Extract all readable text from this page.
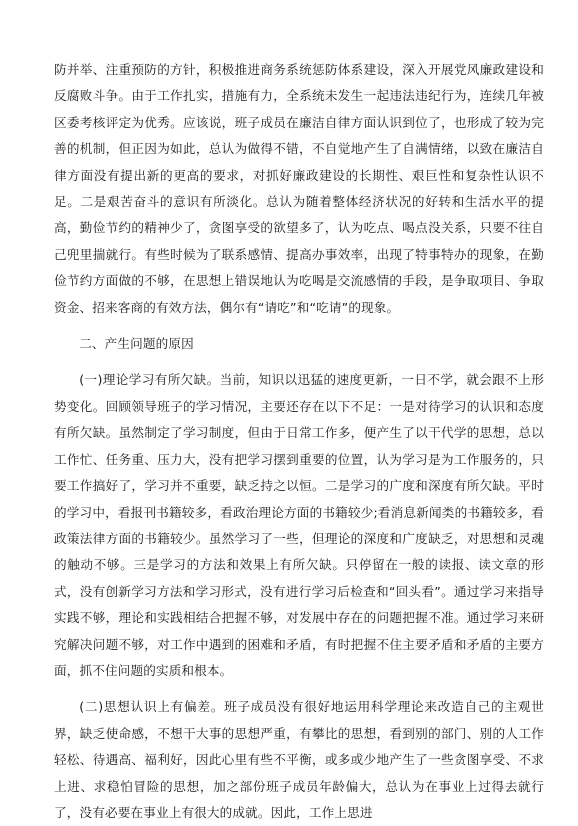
防并举、注重预防的方针，积极推进商务系统惩防体系建设，深入开展党风廉政建设和反腐败斗争。由于工作扎实，措施有力，全系统未发生一起违法违纪行为，连续几年被区委考核评定为优秀。应该说，班子成员在廉洁自律方面认识到位了，也形成了较为完善的机制，但正因为如此，总认为做得不错，不自觉地产生了自满情绪，以致在廉洁自律方面没有提出新的更高的要求，对抓好廉政建设的长期性、艰巨性和复杂性认识不足。二是艰苦奋斗的意识有所淡化。总认为随着整体经济状况的好转和生活水平的提高，勤俭节约的精神少了，贪图享受的欲望多了，认为吃点、喝点没关系，只要不往自己兜里揣就行。有些时候为了联系感情、提高办事效率，出现了特事特办的现象，在勤俭节约方面做的不够，在思想上错误地认为吃喝是交流感情的手段，是争取项目、争取资金、招来客商的有效方法，偶尔有“请吃”和“吃请”的现象。

二、产生问题的原因

(一)理论学习有所欠缺。当前，知识以迅猛的速度更新，一日不学，就会跟不上形势变化。回顾领导班子的学习情况，主要还存在以下不足：一是对待学习的认识和态度有所欠缺。虽然制定了学习制度，但由于日常工作多，便产生了以干代学的思想，总以工作忙、任务重、压力大，没有把学习摆到重要的位置，认为学习是为工作服务的，只要工作搞好了，学习并不重要，缺乏持之以恒。二是学习的广度和深度有所欠缺。平时的学习中，看报刊书籍较多，看政治理论方面的书籍较少;看消息新闻类的书籍较多，看政策法律方面的书籍较少。虽然学习了一些，但理论的深度和广度缺乏，对思想和灵魂的触动不够。三是学习的方法和效果上有所欠缺。只停留在一般的读报、读文章的形式，没有创新学习方法和学习形式，没有进行学习后检查和“回头看”。通过学习来指导实践不够，理论和实践相结合把握不够，对发展中存在的问题把握不准。通过学习来研究解决问题不够，对工作中遇到的困难和矛盾，有时把握不住主要矛盾和矛盾的主要方面，抓不住问题的实质和根本。

(二)思想认识上有偏差。班子成员没有很好地运用科学理论来改造自己的主观世界，缺乏使命感，不想干大事的思想严重，有攀比的思想，看到别的部门、别的人工作轻松、待遇高、福利好，因此心里有些不平衡，或多或少地产生了一些贪图享受、不求上进、求稳怕冒险的思想，加之部份班子成员年龄偏大，总认为在事业上过得去就行了，没有必要在事业上有很大的成就。因此，工作上思进
